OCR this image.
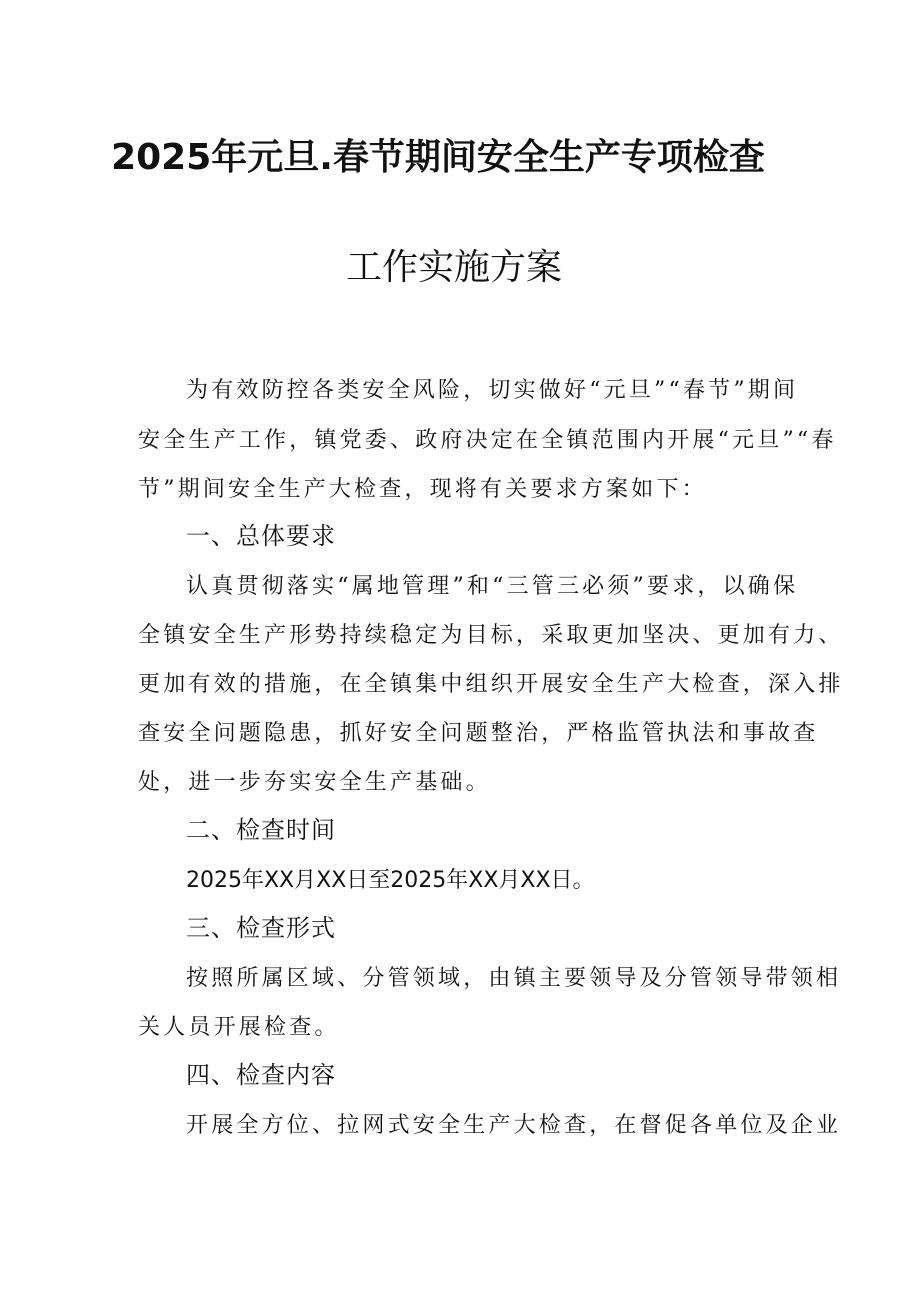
2025年元旦.春节期间安全生产专项检查
工作实施方案
为有效防控各类安全风险，切实做好“元旦”“春节”期间
安全生产工作，镇党委、政府决定在全镇范围内开展“元旦”“春
节”期间安全生产大检查，现将有关要求方案如下：
一、总体要求
认真贯彻落实“属地管理”和“三管三必须”要求，以确保
全镇安全生产形势持续稳定为目标，采取更加坚决、更加有力、
更加有效的措施，在全镇集中组织开展安全生产大检查，深入排
查安全问题隐患，抓好安全问题整治，严格监管执法和事故查
处，进一步夯实安全生产基础。
二、检查时间
2025年XX月XX日至2025年XX月XX日。
三、检查形式
按照所属区域、分管领域，由镇主要领导及分管领导带领相
关人员开展检查。
四、检查内容
开展全方位、拉网式安全生产大检查，在督促各单位及企业
